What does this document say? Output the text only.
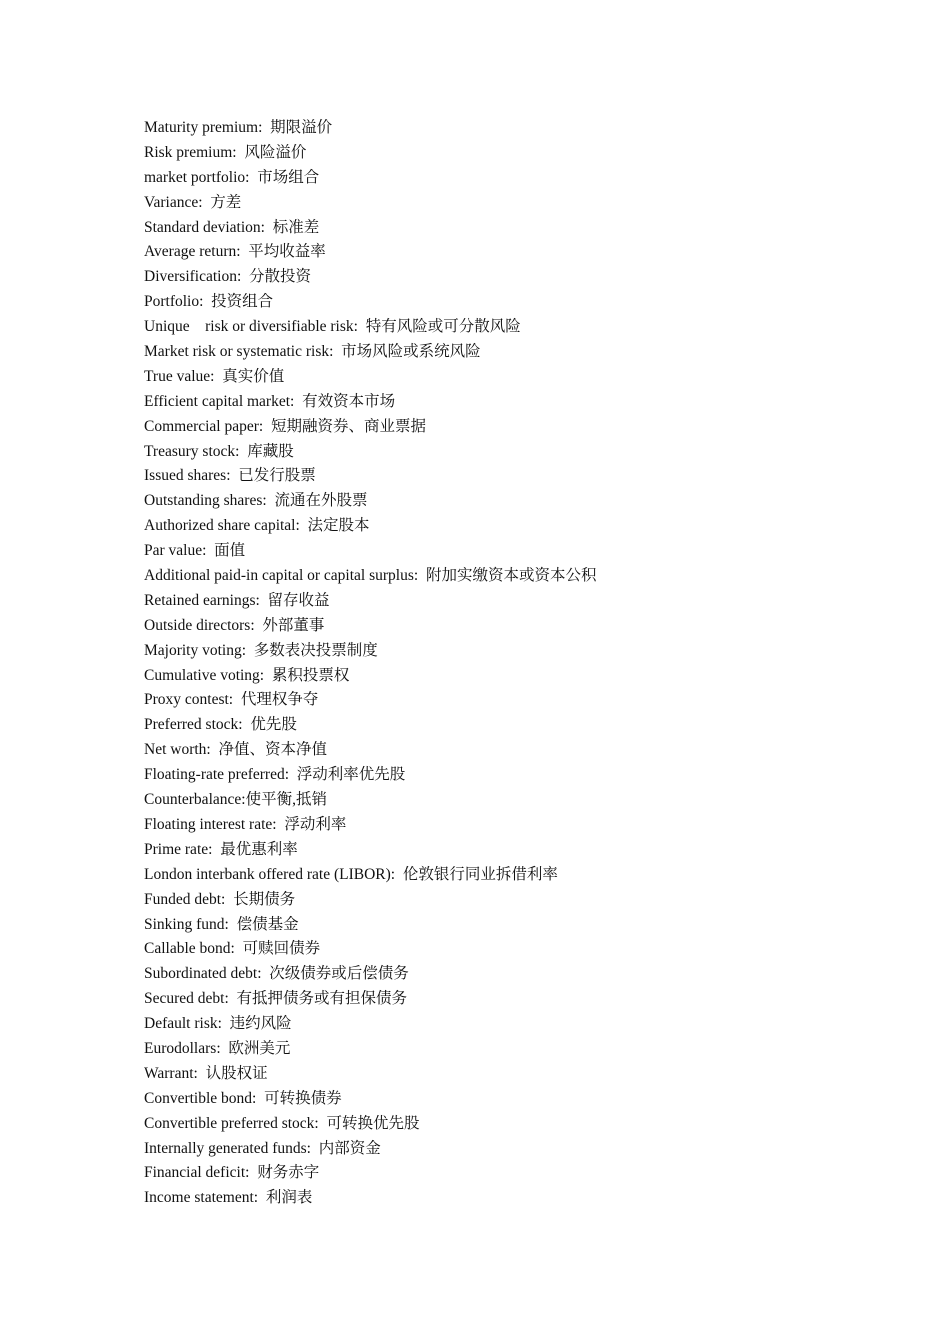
Maturity premium:  期限溢价
Risk premium:  风险溢价
market portfolio:  市场组合
Variance:  方差
Standard deviation:  标准差
Average return:  平均收益率
Diversification:  分散投资
Portfolio:  投资组合
Unique    risk or diversifiable risk:  特有风险或可分散风险
Market risk or systematic risk:  市场风险或系统风险
True value:  真实价值
Efficient capital market:  有效资本市场
Commercial paper:  短期融资券、商业票据
Treasury stock:  库藏股
Issued shares:  已发行股票
Outstanding shares:  流通在外股票
Authorized share capital:  法定股本
Par value:  面值
Additional paid-in capital or capital surplus:  附加实缴资本或资本公积
Retained earnings:  留存收益
Outside directors:  外部董事
Majority voting:  多数表决投票制度
Cumulative voting:  累积投票权
Proxy contest:  代理权争夺
Preferred stock:  优先股
Net worth:  净值、资本净值
Floating-rate preferred:  浮动利率优先股
Counterbalance:使平衡,抵销
Floating interest rate:  浮动利率
Prime rate:  最优惠利率
London interbank offered rate (LIBOR):  伦敦银行同业拆借利率
Funded debt:  长期债务
Sinking fund:  偿债基金
Callable bond:  可赎回债券
Subordinated debt:  次级债券或后偿债务
Secured debt:  有抵押债务或有担保债务
Default risk:  违约风险
Eurodollars:  欧洲美元
Warrant:  认股权证
Convertible bond:  可转换债券
Convertible preferred stock:  可转换优先股
Internally generated funds:  内部资金
Financial deficit:  财务赤字
Income statement:  利润表
